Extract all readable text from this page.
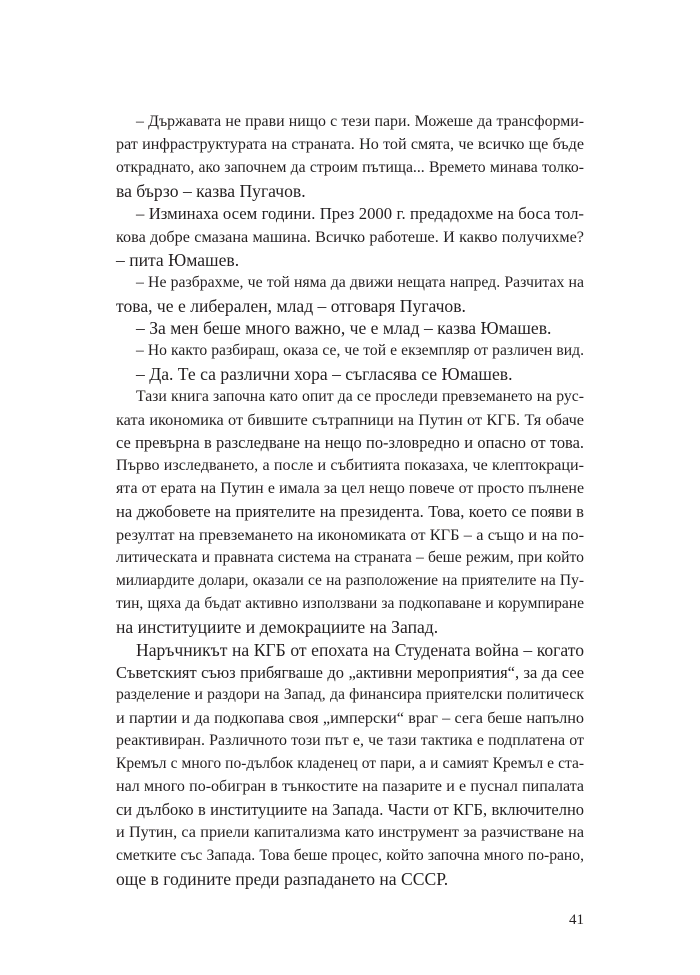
– Държавата не прави нищо с тези пари. Можеше да трансформи-
рат инфраструктурата на страната. Но той смята, че всичко ще бъде
откраднато, ако започнем да строим пътища... Времето минава толко-
ва бързо – казва Пугачов.
– Изминаха осем години. През 2000 г. предадохме на боса тол-
кова добре смазана машина. Всичко работеше. И какво получихме?
– пита Юмашев.
– Не разбрахме, че той няма да движи нещата напред. Разчитах на
това, че е либерален, млад – отговаря Пугачов.
– За мен беше много важно, че е млад – казва Юмашев.
– Но както разбираш, оказа се, че той е екземпляр от различен вид.
– Да. Те са различни хора – съгласява се Юмашев.
Тази книга започна като опит да се проследи превземането на рус-
ката икономика от бившите сътрапници на Путин от КГБ. Тя обаче
се превърна в разследване на нещо по-зловредно и опасно от това.
Първо изследването, а после и събитията показаха, че клептокраци-
ята от ерата на Путин е имала за цел нещо повече от просто пълнене
на джобовете на приятелите на президента. Това, което се появи в
резултат на превземането на икономиката от КГБ – а също и на по-
литическата и правната система на страната – беше режим, при който
милиардите долари, оказали се на разположение на приятелите на Пу-
тин, щяха да бъдат активно използвани за подкопаване и корумпиране
на институциите и демокрациите на Запад.
Наръчникът на КГБ от епохата на Студената война – когато
Съветският съюз прибягваше до „активни мероприятия“, за да сее
разделение и раздори на Запад, да финансира приятелски политическ
и партии и да подкопава своя „имперски“ враг – сега беше напълно
реактивиран. Различното този път е, че тази тактика е подплатена от
Кремъл с много по-дълбок кладенец от пари, а и самият Кремъл е ста-
нал много по-обигран в тънкостите на пазарите и е пуснал пипалата
си дълбоко в институциите на Запада. Части от КГБ, включително
и Путин, са приели капитализма като инструмент за разчистване на
сметките със Запада. Това беше процес, който започна много по-рано,
още в годините преди разпадането на СССР.
41
